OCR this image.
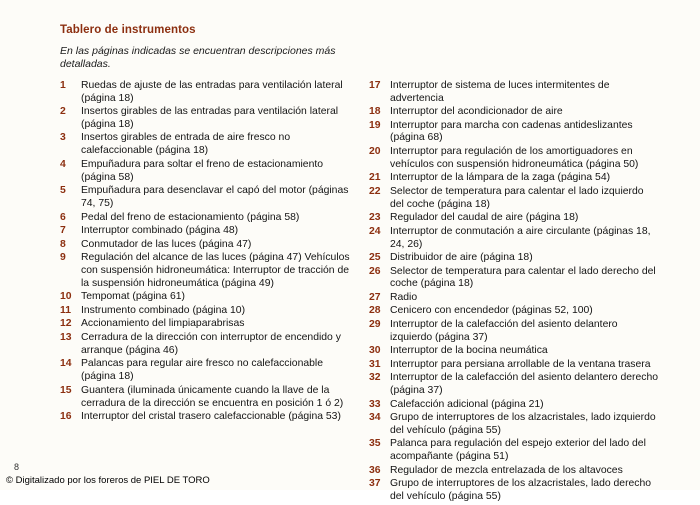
Tablero de instrumentos

En las páginas indicadas se encuentran descripciones más detalladas.

1	Ruedas de ajuste de las entradas para ventilación lateral (página 18)
2	Insertos girables de las entradas para ventilación lateral (página 18)
3	Insertos girables de entrada de aire fresco no calefaccionable (página 18)
4	Empuñadura para soltar el freno de estacionamiento (página 58)
5	Empuñadura para desenclavar el capó del motor (páginas 74, 75)
6	Pedal del freno de estacionamiento (página 58)
7	Interruptor combinado (página 48)
8	Conmutador de las luces (página 47)
9	Regulación del alcance de las luces (página 47) Vehículos con suspensión hidroneumática: Interruptor de tracción de la suspensión hidroneumática (página 49)
10 Tempomat (página 61)
11 Instrumento combinado (página 10)
12 Accionamiento del limpiaparabrisas
13 Cerradura de la dirección con interruptor de encendido y arranque (página 46)
14 Palancas para regular aire fresco no calefaccionable (página 18)
15 Guantera (iluminada únicamente cuando la llave de la cerradura de la dirección se encuentra en posición 1 ó 2)
16 Interruptor del cristal trasero calefaccionable (página 53)
17 Interruptor de sistema de luces intermitentes de advertencia
18 Interruptor del acondicionador de aire
19 Interruptor para marcha con cadenas antideslizantes (página 68)
20 Interruptor para regulación de los amortiguadores en vehículos con suspensión hidroneumática (página 50)
21 Interruptor de la lámpara de la zaga (página 54)
22 Selector de temperatura para calentar el lado izquierdo del coche (página 18)
23 Regulador del caudal de aire (página 18)
24 Interruptor de conmutación a aire circulante (páginas 18, 24, 26)
25 Distribuidor de aire (página 18)
26 Selector de temperatura para calentar el lado derecho del coche (página 18)
27 Radio
28 Cenicero con encendedor (páginas 52, 100)
29 Interruptor de la calefacción del asiento delantero izquierdo (página 37)
30 Interruptor de la bocina neumática
31 Interruptor para persiana arrollable de la ventana trasera
32 Interruptor de la calefacción del asiento delantero derecho (página 37)
33 Calefacción adicional (página 21)
34 Grupo de interruptores de los alzacristales, lado izquierdo del vehículo (página 55)
35 Palanca para regulación del espejo exterior del lado del acompañante (página 51)
36 Regulador de mezcla entrelazada de los altavoces
37 Grupo de interruptores de los alzacristales, lado derecho del vehículo (página 55)
8
© Digitalizado por los foreros de PIEL DE TORO
